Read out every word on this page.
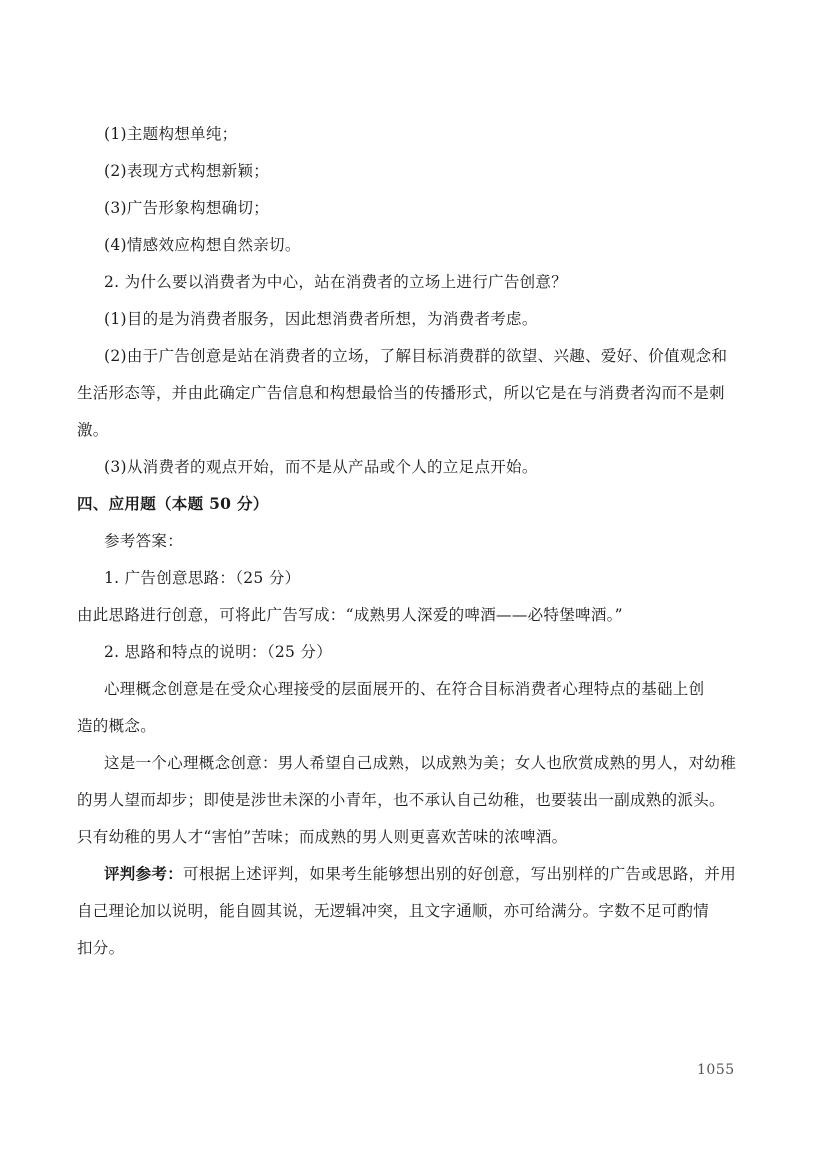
(1)主题构想单纯；
(2)表现方式构想新颖；
(3)广告形象构想确切；
(4)情感效应构想自然亲切。
2. 为什么要以消费者为中心，站在消费者的立场上进行广告创意？
(1)目的是为消费者服务，因此想消费者所想，为消费者考虑。
(2)由于广告创意是站在消费者的立场，了解目标消费群的欲望、兴趣、爱好、价值观念和
生活形态等，并由此确定广告信息和构想最恰当的传播形式，所以它是在与消费者沟而不是刺
激。
(3)从消费者的观点开始，而不是从产品或个人的立足点开始。
四、应用题（本题 50 分）
参考答案：
1. 广告创意思路：（25 分）
由此思路进行创意，可将此广告写成：“成熟男人深爱的啤酒——必特堡啤酒。”
2. 思路和特点的说明：（25 分）
心理概念创意是在受众心理接受的层面展开的、在符合目标消费者心理特点的基础上创
造的概念。
这是一个心理概念创意：男人希望自己成熟，以成熟为美；女人也欣赏成熟的男人，对幼稚
的男人望而却步；即使是涉世未深的小青年，也不承认自己幼稚，也要装出一副成熟的派头。
只有幼稚的男人才“害怕”苦味；而成熟的男人则更喜欢苦味的浓啤酒。
评判参考：可根据上述评判，如果考生能够想出别的好创意，写出别样的广告或思路，并用
自己理论加以说明，能自圆其说，无逻辑冲突，且文字通顺，亦可给满分。字数不足可酌情
扣分。
1055
